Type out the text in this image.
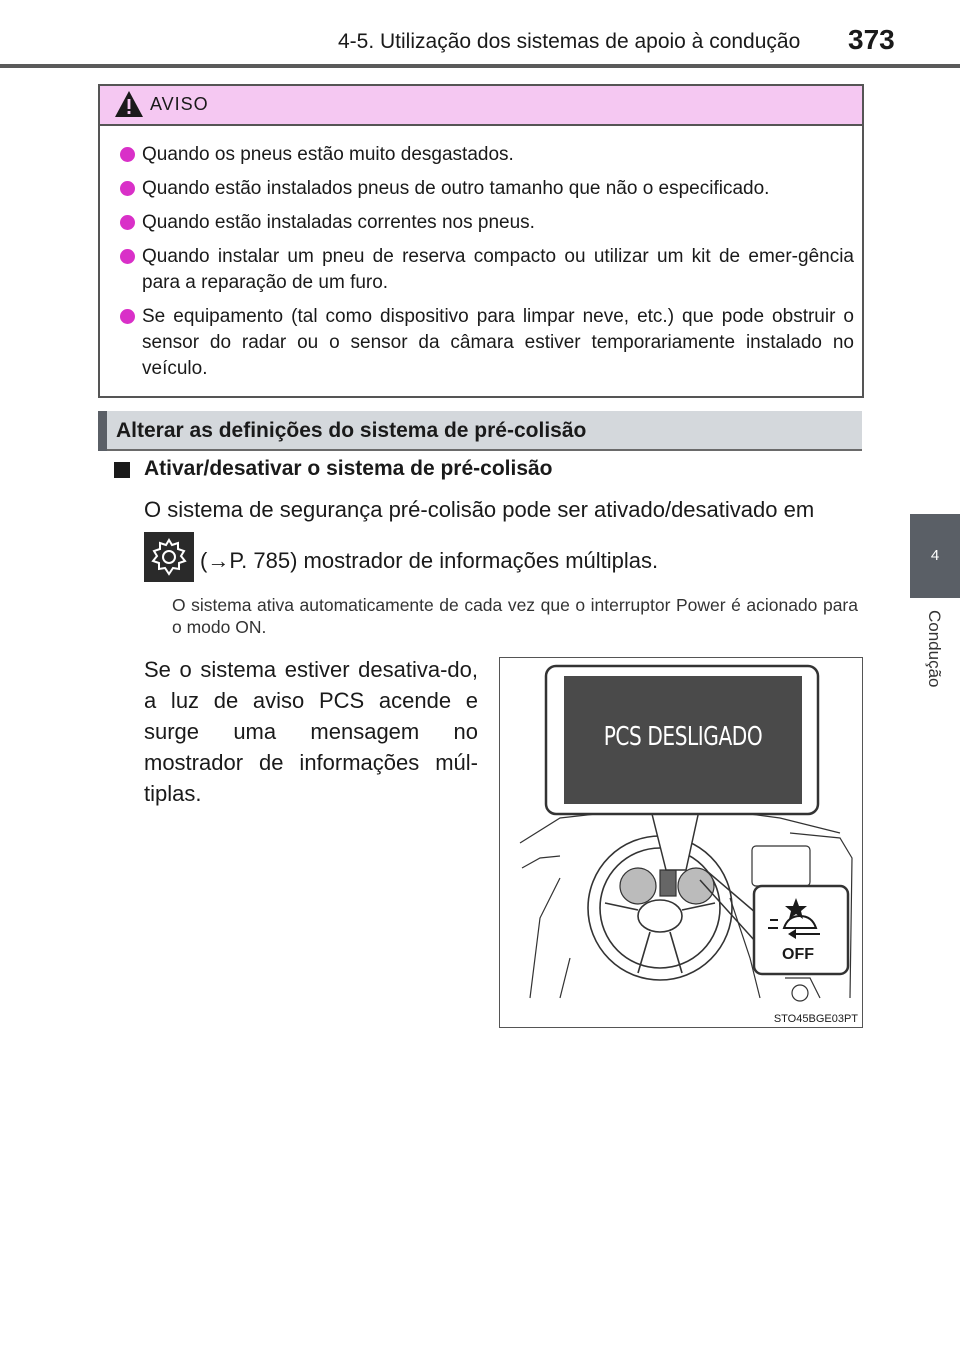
4-5. Utilização dos sistemas de apoio à condução 373
4
Condução
AVISO
Quando os pneus estão muito desgastados.
Quando estão instalados pneus de outro tamanho que não o especificado.
Quando estão instaladas correntes nos pneus.
Quando instalar um pneu de reserva compacto ou utilizar um kit de emer-gência para a reparação de um furo.
Se equipamento (tal como dispositivo para limpar neve, etc.) que pode obstruir o sensor do radar ou o sensor da câmara estiver temporariamente instalado no veículo.
Alterar as definições do sistema de pré-colisão
Ativar/desativar o sistema de pré-colisão
O sistema de segurança pré-colisão pode ser ativado/desativado em
(→P. 785) mostrador de informações múltiplas.
O sistema ativa automaticamente de cada vez que o interruptor Power é acionado para o modo ON.
Se o sistema estiver desativa-do, a luz de aviso PCS acende e surge uma mensagem no mostrador de informações múl-tiplas.
PCS DESLIGADO
OFF
STO45BGE03PT
